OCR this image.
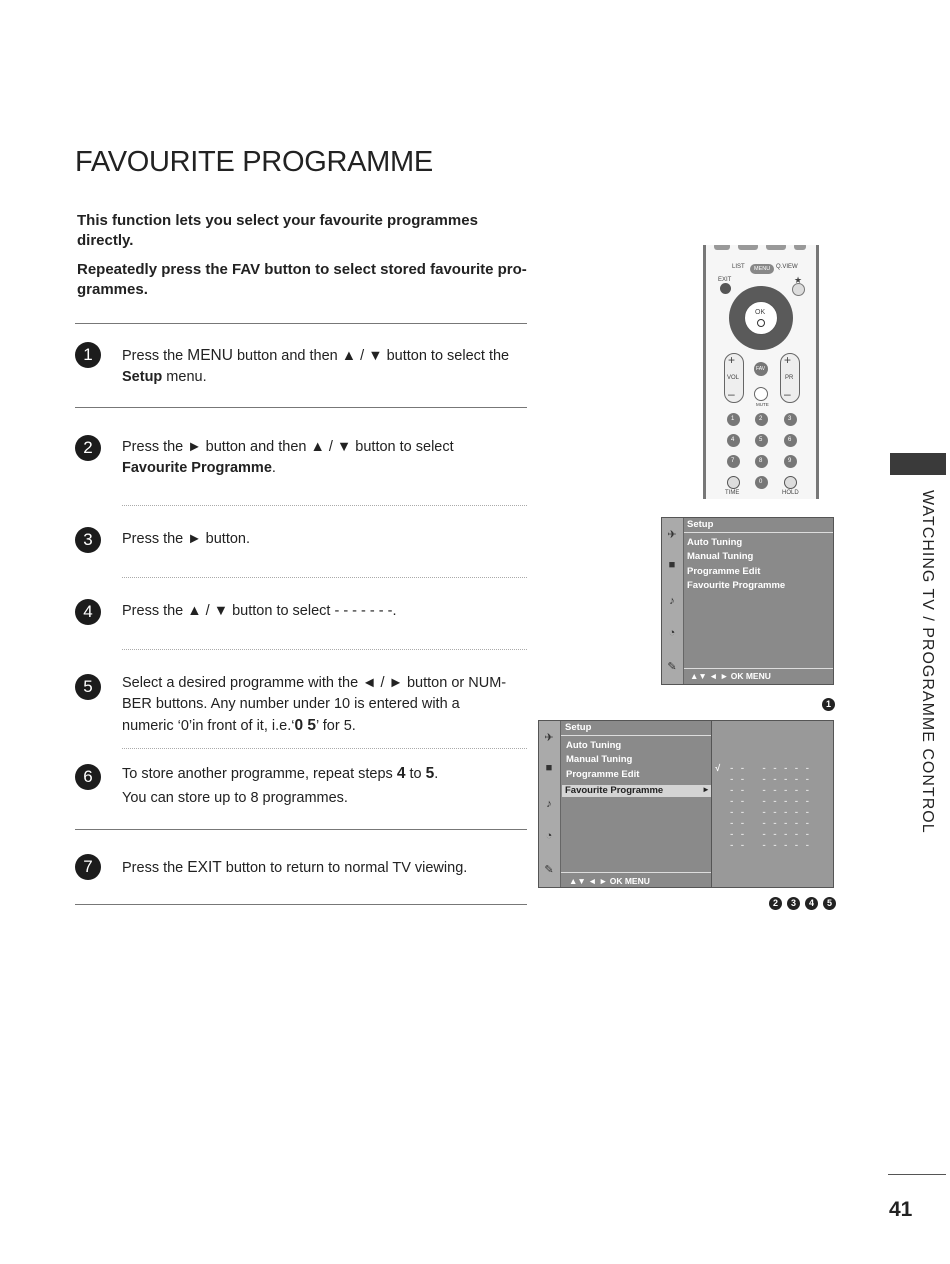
FAVOURITE PROGRAMME
This function lets you select your favourite programmes directly.
Repeatedly press the FAV button to select stored favourite pro-grammes.
1	Press the MENU button and then ▲ / ▼ button to select the
Setup menu.
2	Press the ► button and then ▲ / ▼ button to select
Favourite Programme.
3	Press the ► button.
4	Press the ▲ / ▼ button to select - - - - - - -.
5	Select a desired programme with the ◄ / ► button or NUM-BER buttons. Any number under 10 is entered with a numeric ‘0’in front of it, i.e.‘0 5’ for 5.
6	To store another programme, repeat steps 4 to 5.
You can store up to 8 programmes.
7	Press the EXIT button to return to normal TV viewing.
LIST MENU Q.VIEW
EXIT	★
OK
+
VOL
–
+
PR
–
FAV
MUTE
1	2	3
4	5	6
7	8	9
0
TIME	HOLD
✈
■
♪
◔
✎
Setup
Auto Tuning
Manual Tuning
Programme Edit
Favourite Programme
▲▼ ◄ ► OK MENU
1
✈
■
♪
◔
✎
Setup
Auto Tuning
Manual Tuning
Programme Edit
Favourite Programme	►
▲▼ ◄ ► OK MENU
√ - -   - - - - -
- -   - - - - -
- -   - - - - -
- -   - - - - -
- -   - - - - -
- -   - - - - -
- -   - - - - -
- -   - - - - -
2	3	4	5
WATCHING TV / PROGRAMME CONTROL
41
